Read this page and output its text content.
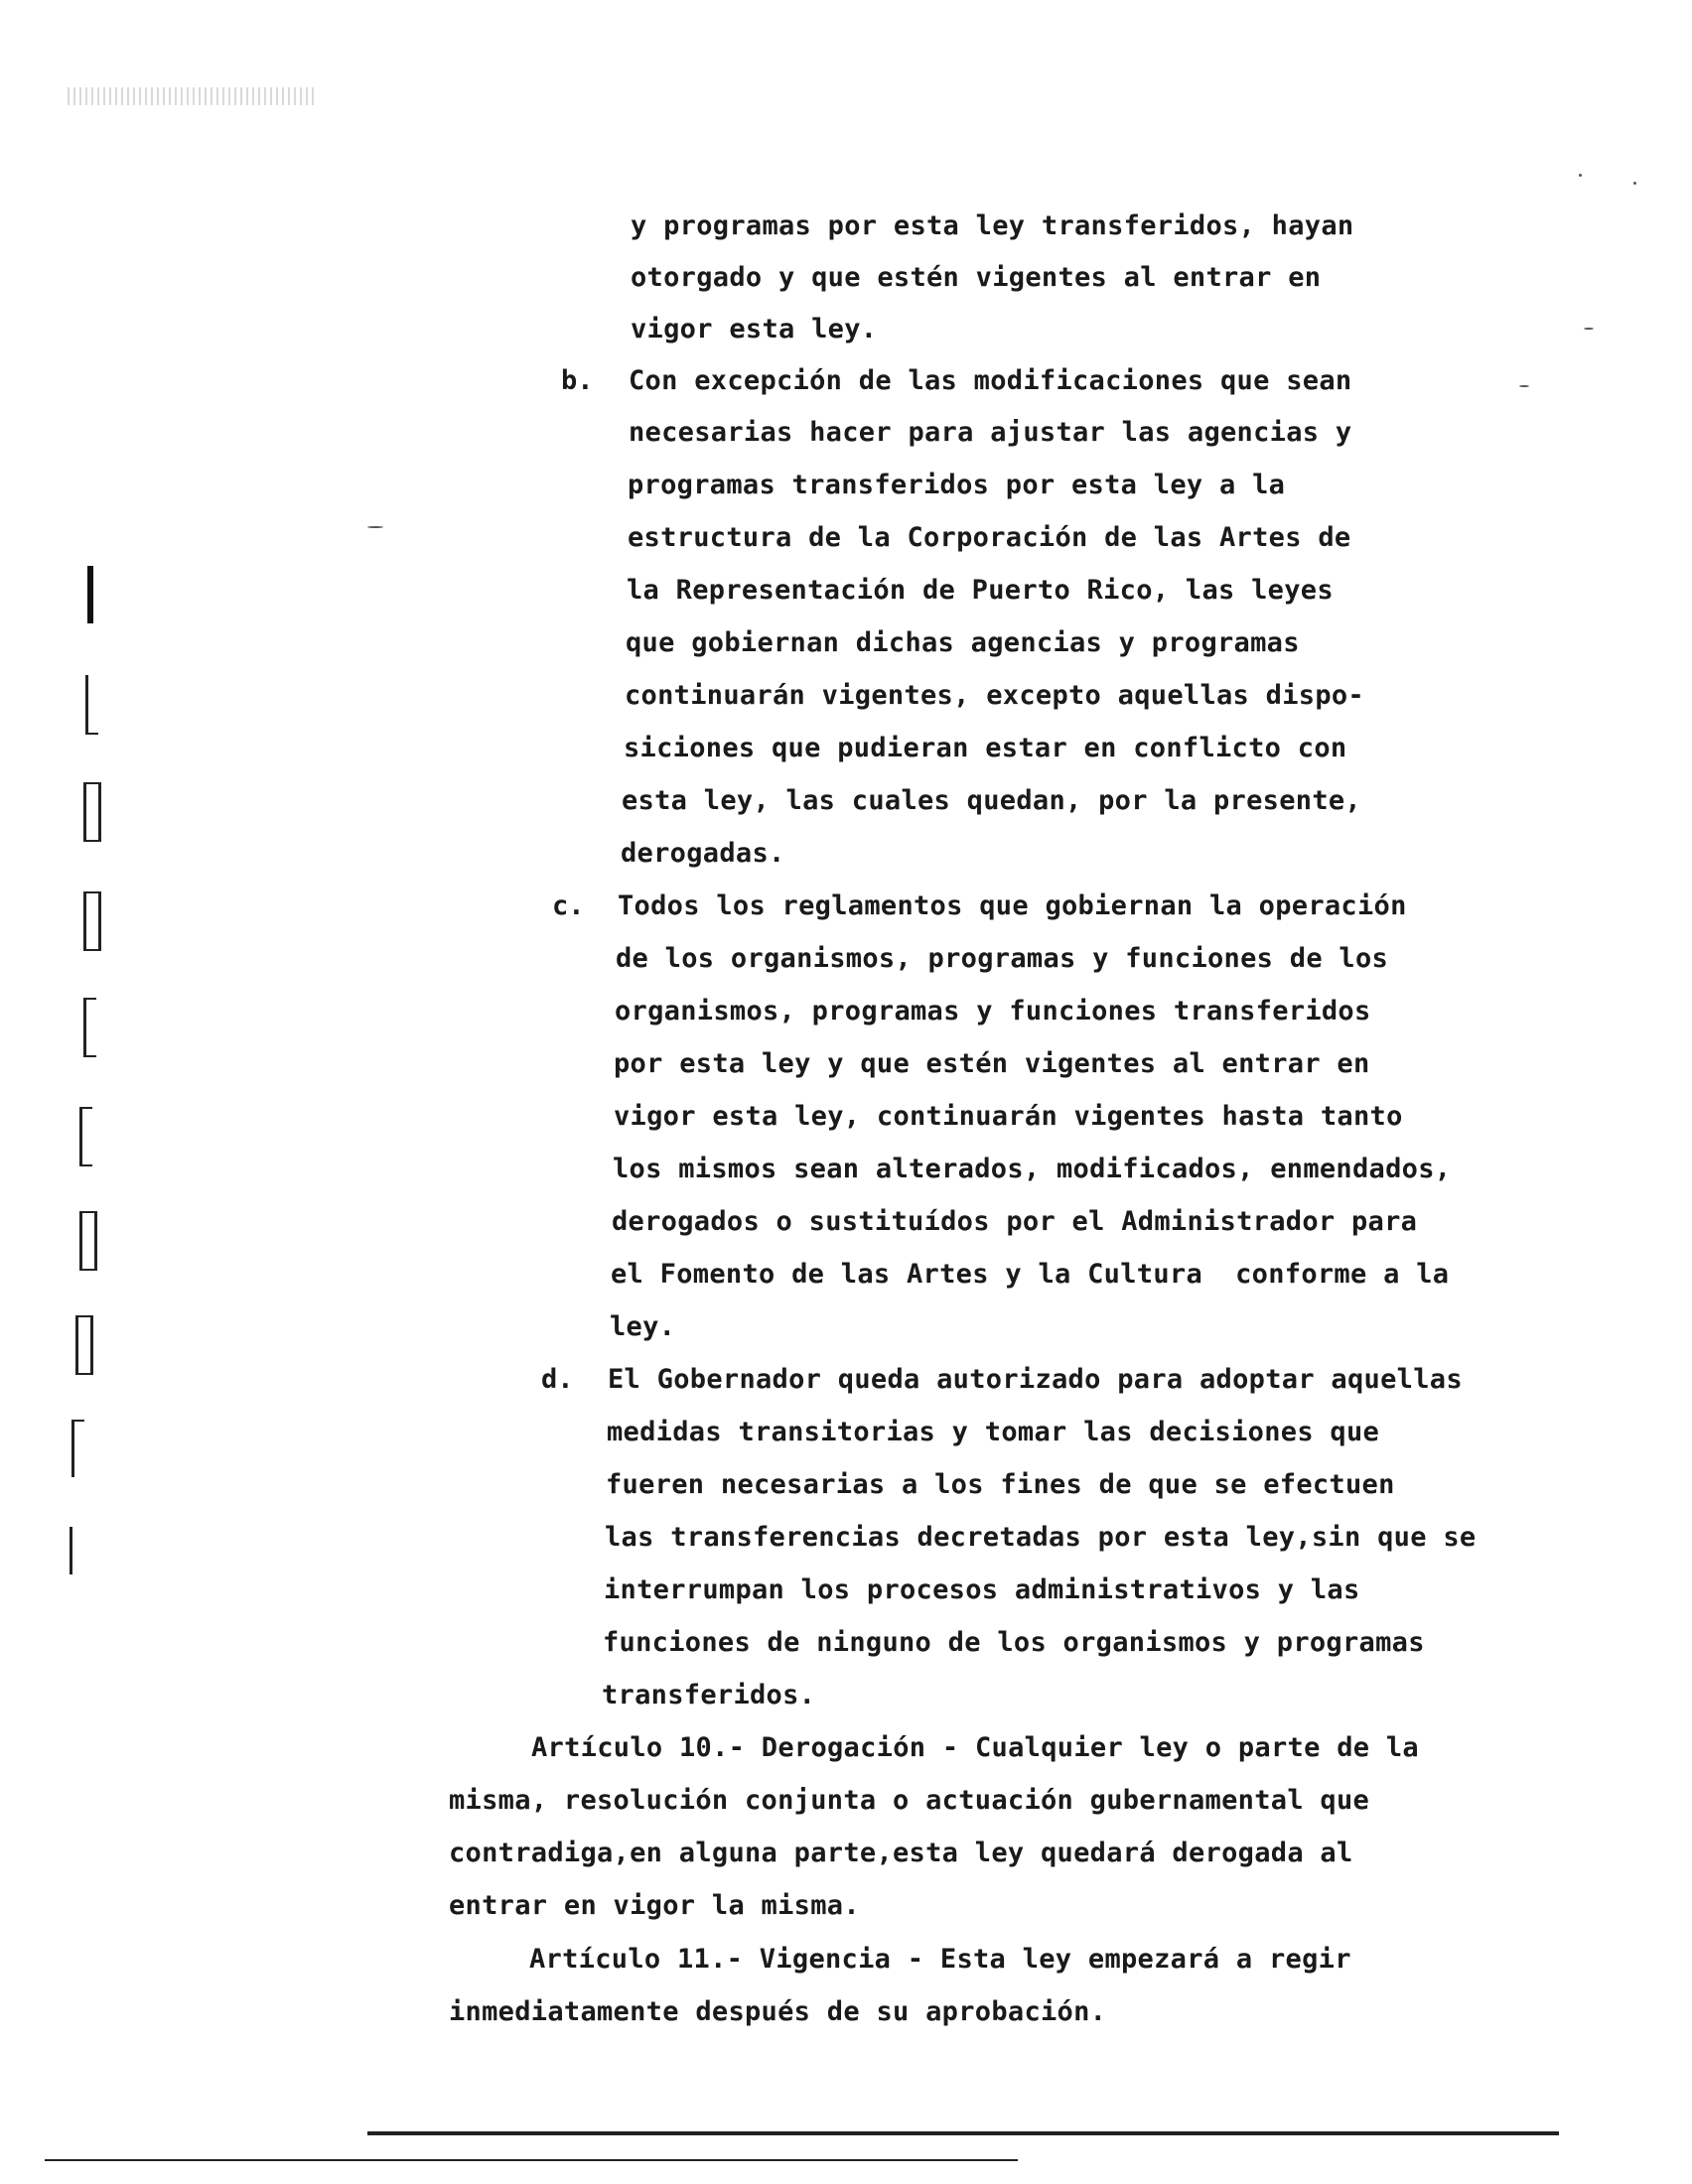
y programas por esta ley transferidos, hayan
otorgado y que estén vigentes al entrar en
vigor esta ley.
b. Con excepción de las modificaciones que sean
necesarias hacer para ajustar las agencias y
programas transferidos por esta ley a la
estructura de la Corporación de las Artes de
la Representación de Puerto Rico, las leyes
que gobiernan dichas agencias y programas
continuarán vigentes, excepto aquellas dispo-
siciones que pudieran estar en conflicto con
esta ley, las cuales quedan, por la presente,
derogadas.
c. Todos los reglamentos que gobiernan la operación
de los organismos, programas y funciones de los
organismos, programas y funciones transferidos
por esta ley y que estén vigentes al entrar en
vigor esta ley, continuarán vigentes hasta tanto
los mismos sean alterados, modificados, enmendados,
derogados o sustituídos por el Administrador para
el Fomento de las Artes y la Cultura  conforme a la
ley.
d. El Gobernador queda autorizado para adoptar aquellas
medidas transitorias y tomar las decisiones que
fueren necesarias a los fines de que se efectuen
las transferencias decretadas por esta ley,sin que se
interrumpan los procesos administrativos y las
funciones de ninguno de los organismos y programas
transferidos.
Artículo 10.- Derogación - Cualquier ley o parte de la
misma, resolución conjunta o actuación gubernamental que
contradiga,en alguna parte,esta ley quedará derogada al
entrar en vigor la misma.
Artículo 11.- Vigencia - Esta ley empezará a regir
inmediatamente después de su aprobación.
